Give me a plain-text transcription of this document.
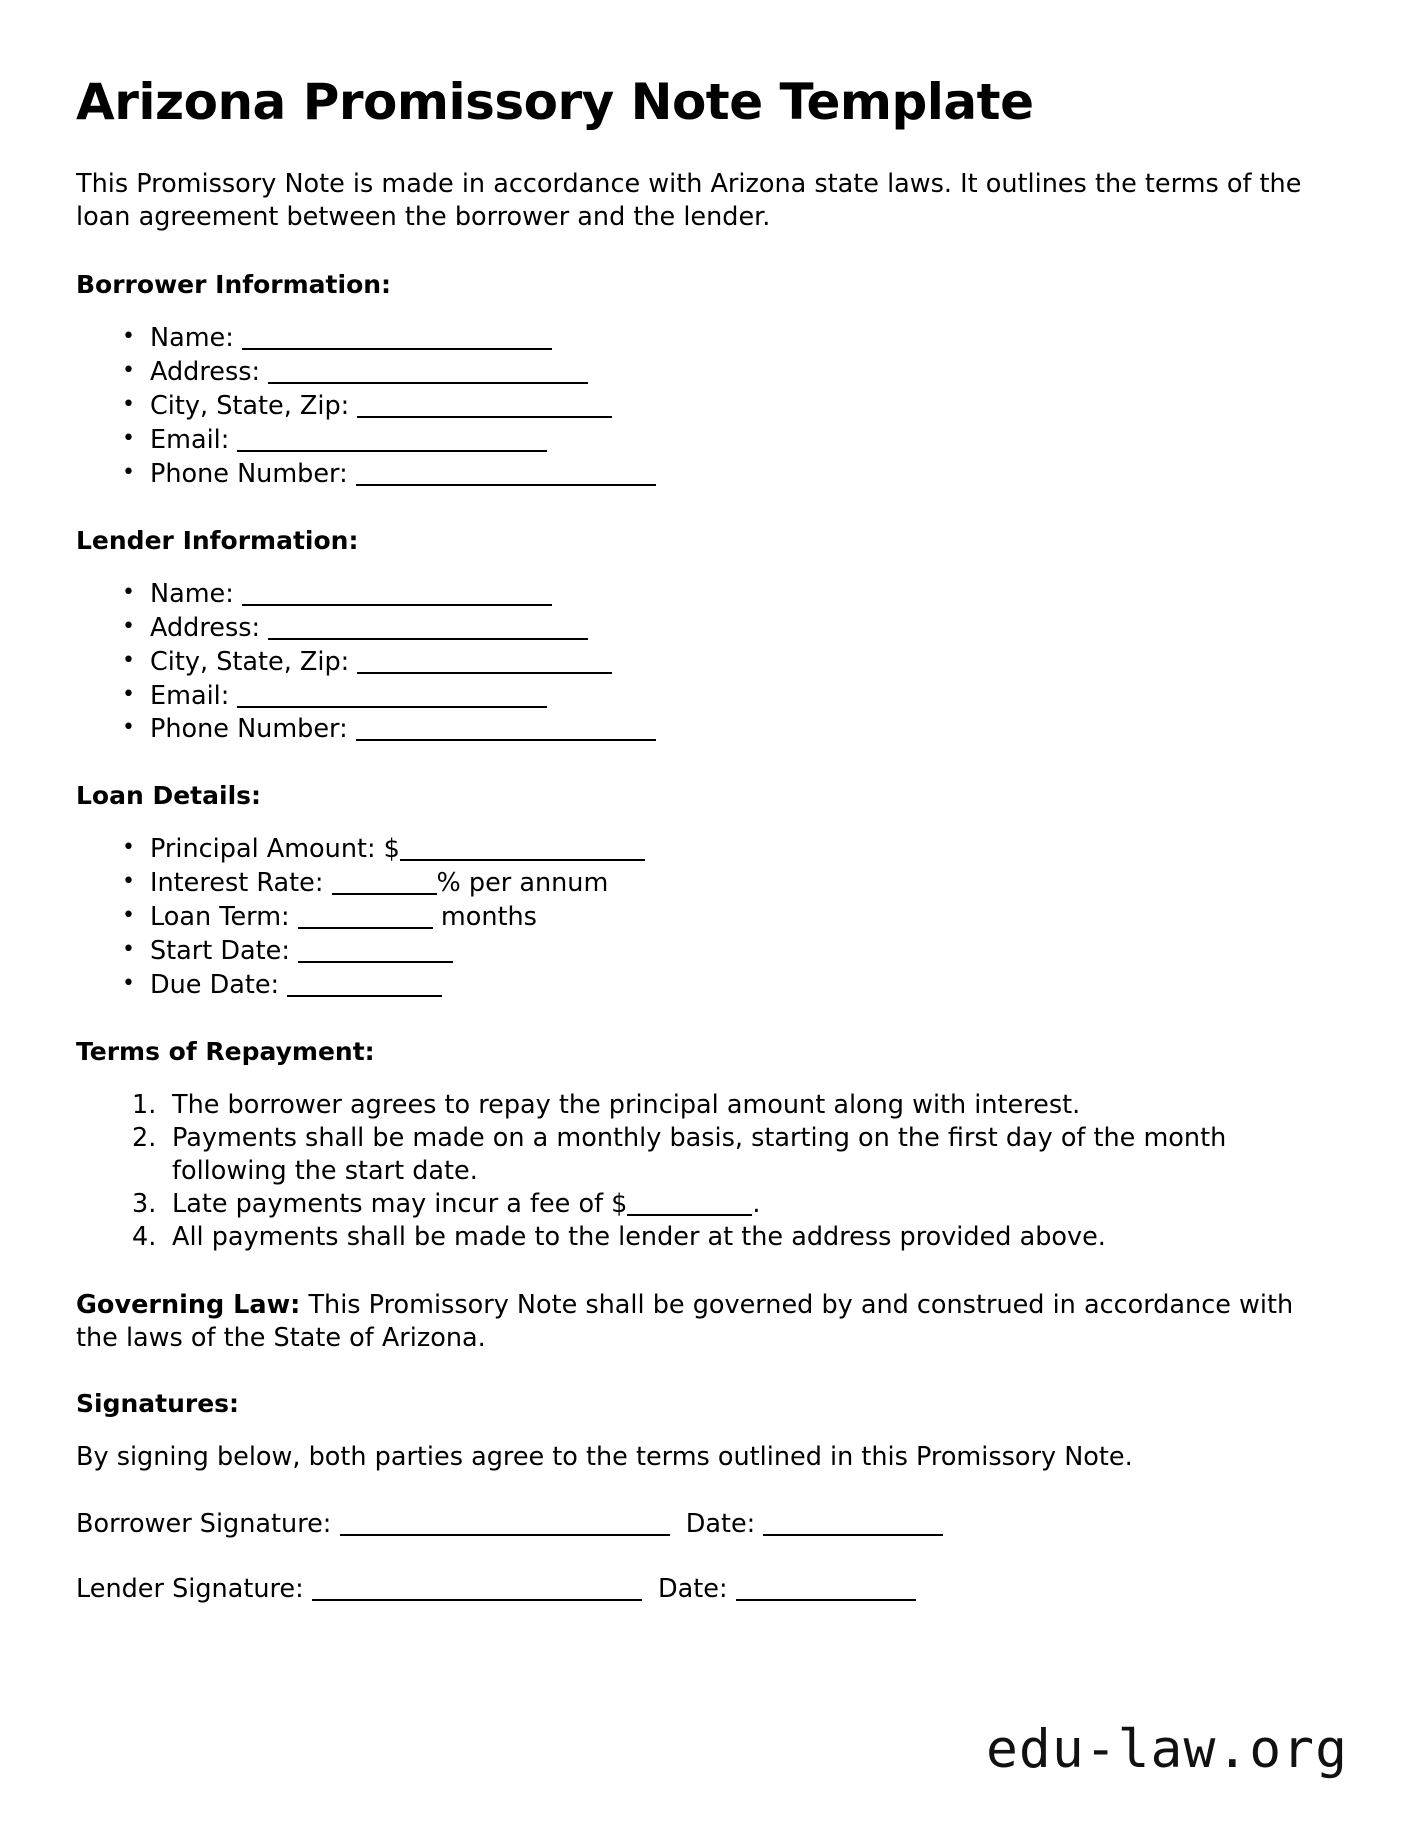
Arizona Promissory Note Template

This Promissory Note is made in accordance with Arizona state laws. It outlines the terms of the loan agreement between the borrower and the lender.

Borrower Information:
• Name:
• Address:
• City, State, Zip:
• Email:
• Phone Number:
Lender Information:
• Name:
• Address:
• City, State, Zip:
• Email:
• Phone Number:
Loan Details:
• Principal Amount: $
• Interest Rate:	% per annum
• Loan Term:	months
• Start Date:
• Due Date:
Terms of Repayment:
The borrower agrees to repay the principal amount along with interest.
Payments shall be made on a monthly basis, starting on the first day of the month following the start date.
Late payments may incur a fee of $	.
All payments shall be made to the lender at the address provided above.

Governing Law: This Promissory Note shall be governed by and construed in accordance with the laws of the State of Arizona.

Signatures:

By signing below, both parties agree to the terms outlined in this Promissory Note.

Borrower Signature:	Date:
Lender Signature:	Date:
edu-law.org
